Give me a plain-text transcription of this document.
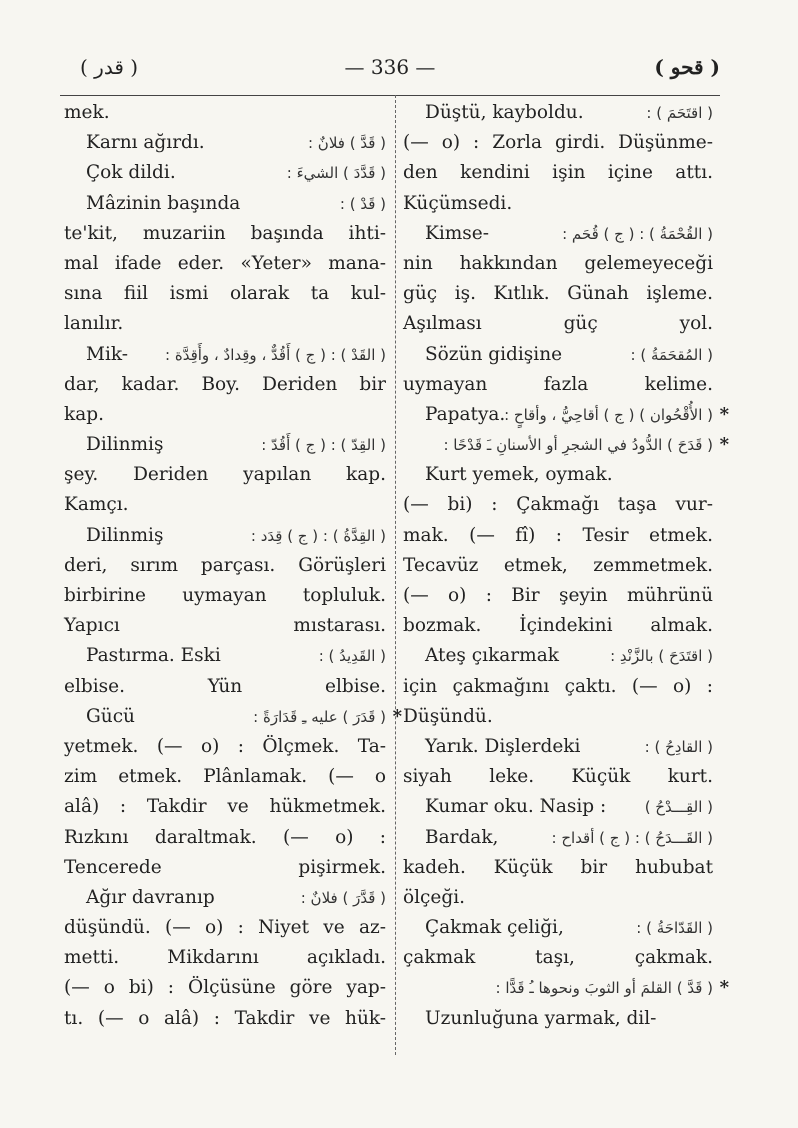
( قدر )	— 336 —	( قحو )
mek.
Karnı ağırdı.	( قَدَّ ) فلانٌ :
Çok dildi.	( قَدَّدَ ) الشيءَ :
Mâzinin başında	( قَدْ ) :
te'kit, muzariin başında ihti-
mal ifade eder. «Yeter» mana-
sına fiil ismi olarak ta kul-
lanılır.
Mik- ( القَدْ ) : ( ج ) أَقُدٌّ ، وقِدادٌ ، وأَقِدَّة :
dar, kadar. Boy. Deriden bir
kap.
Dilinmiş	( القِدّ ) : ( ج ) أَقُدّ :
şey. Deriden yapılan kap.
Kamçı.
Dilinmiş	( القِدَّةُ ) : ( ج ) قِدَد :
deri, sırım parçası. Görüşleri
birbirine uymayan topluluk.
Yapıcı mıstarası.
Pastırma. Eski	( القَدِيدُ ) :
elbise. Yün elbise.
Gücü	( قَدَرَ ) عليه ـِ قَدَارَةً : *
yetmek. (— o) : Ölçmek. Ta-
zim etmek. Plânlamak. (— o
alâ) : Takdir ve hükmetmek.
Rızkını daraltmak. (— o) :
Tencerede pişirmek.
Ağır davranıp	( قَدَّرَ ) فلانٌ :
düşündü. (— o) : Niyet ve az-
metti. Mikdarını açıkladı.
(— o bi) : Ölçüsüne göre yap-
tı. (— o alâ) : Takdir ve hük-
Düştü, kayboldu.	( اقتَحَمَ ) :
(— o) : Zorla girdi. Düşünme-
den kendini işin içine attı.
Küçümsedi.
Kimse-	( القُحْمَةُ ) : ( ج ) قُحَم :
nin hakkından gelemeyeceği
güç iş. Kıtlık. Günah işleme.
Aşılması güç yol.
Sözün gidişine	( المُقحَمَةُ ) :
uymayan fazla kelime.
Papatya.
( الأُقْحُوان ) ( ج ) أقاحِيُّ ، وأقاحٍ : *
( قَدَحَ ) الدُّودُ في الشجرِ أو الأسنانِ ـَ قَدْحًا : *
Kurt yemek, oymak.
(— bi) : Çakmağı taşa vur-
mak. (— fî) : Tesir etmek.
Tecavüz etmek, zemmetmek.
(— o) : Bir şeyin mührünü
bozmak. İçindekini almak.
Ateş çıkarmak	( اقتَدَحَ ) بالزَّنْدِ :
için çakmağını çaktı. (— o) :
Düşündü.
Yarık. Dişlerdeki	( القادِحُ ) :
siyah leke. Küçük kurt.
Kumar oku. Nasip :	( القِـــدْحُ )
Bardak,	( القَـــدَحُ ) : ( ج ) أقداح :
kadeh. Küçük bir hububat
ölçeği.
Çakmak çeliği,	( القَدّاحَةُ ) :
çakmak taşı, çakmak.
( قَدَّ ) القلمَ أو الثوبَ ونحوها ـُ قَدًّا : *
Uzunluğuna yarmak, dil-
